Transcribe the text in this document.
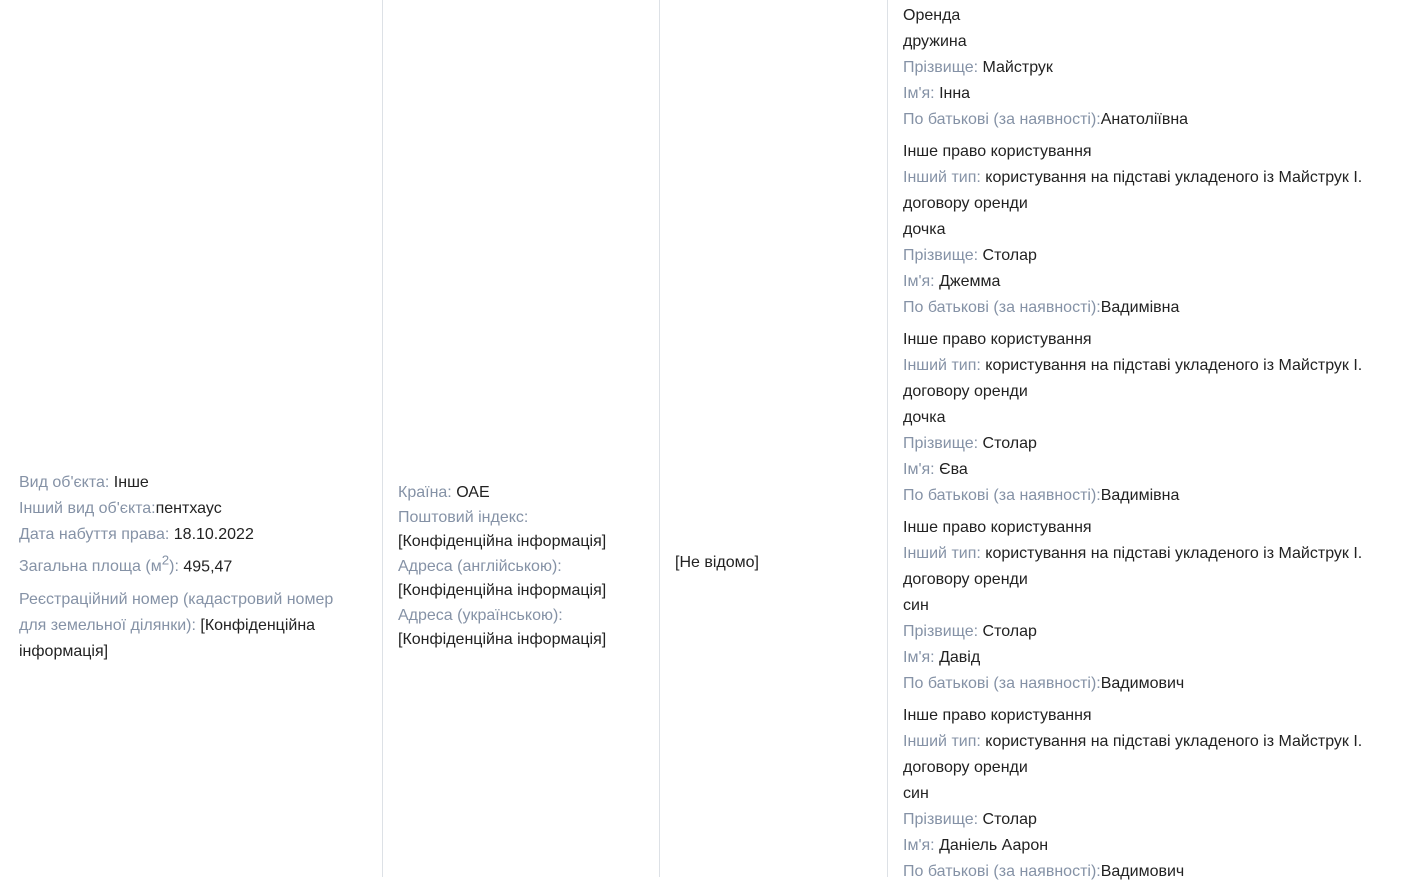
Вид об'єкта: Інше
Інший вид об'єкта:пентхаус
Дата набуття права: 18.10.2022
Загальна площа $(м^2)$: 495,47
Реєстраційний номер (кадастровий номер для земельної ділянки): [Конфіденційна інформація]
Країна: ОАЕ
Поштовий індекс:
[Конфіденційна інформація]
Адреса (англійською):
[Конфіденційна інформація]
Адреса (українською):
[Конфіденційна інформація]
[Не відомо]
Оренда
дружина
Прізвище: Майструк
Ім'я: Інна
По батькові (за наявності):Анатоліївна
Інше право користування
Інший тип: користування на підставі укладеного із Майструк І.
договору оренди
дочка
Прізвище: Столар
Ім'я: Джемма
По батькові (за наявності):Вадимівна
Інше право користування
Інший тип: користування на підставі укладеного із Майструк І.
договору оренди
дочка
Прізвище: Столар
Ім'я: Єва
По батькові (за наявності):Вадимівна
Інше право користування
Інший тип: користування на підставі укладеного із Майструк І.
договору оренди
син
Прізвище: Столар
Ім'я: Давід
По батькові (за наявності):Вадимович
Інше право користування
Інший тип: користування на підставі укладеного із Майструк І.
договору оренди
син
Прізвище: Столар
Ім'я: Даніель Аарон
По батькові (за наявності):Вадимович
